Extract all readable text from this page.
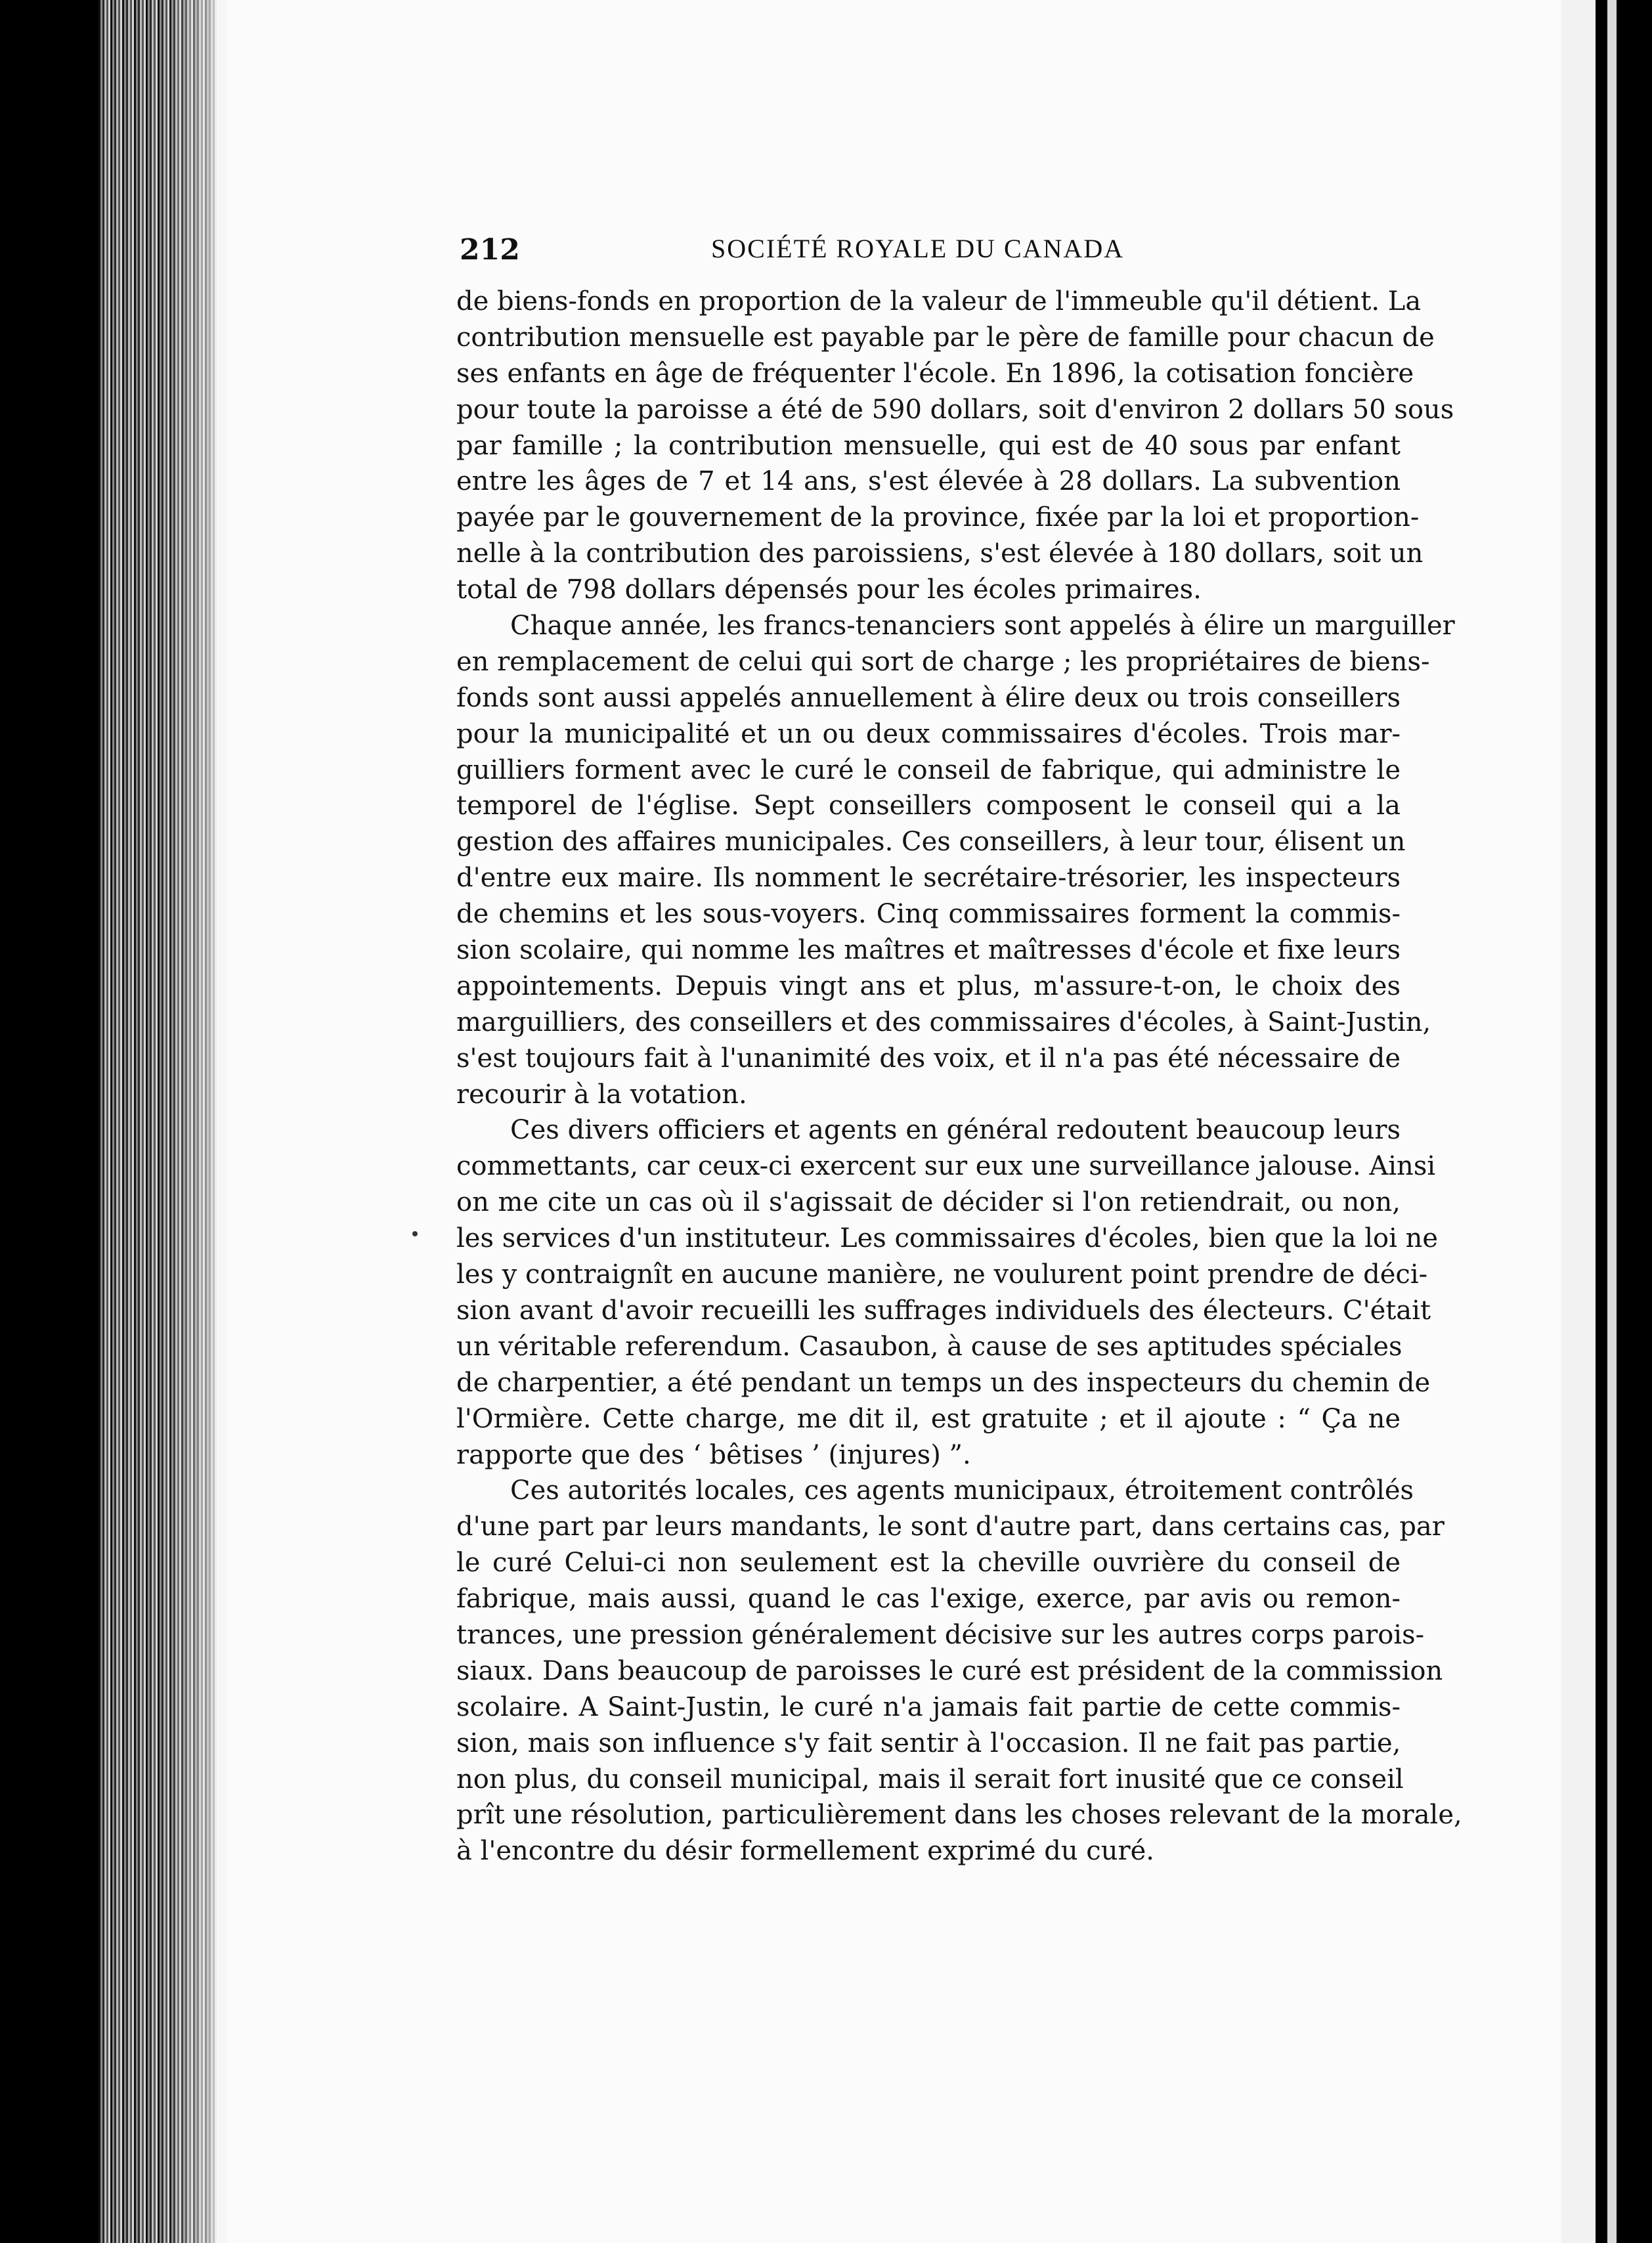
212	SOCIÉTÉ ROYALE DU CANADA
de biens-fonds en proportion de la valeur de l'immeuble qu'il détient. La
contribution mensuelle est payable par le père de famille pour chacun de
ses enfants en âge de fréquenter l'école. En 1896, la cotisation foncière
pour toute la paroisse a été de 590 dollars, soit d'environ 2 dollars 50 sous
par famille ; la contribution mensuelle, qui est de 40 sous par enfant
entre les âges de 7 et 14 ans, s'est élevée à 28 dollars. La subvention
payée par le gouvernement de la province, fixée par la loi et proportion-
nelle à la contribution des paroissiens, s'est élevée à 180 dollars, soit un
total de 798 dollars dépensés pour les écoles primaires.
Chaque année, les francs-tenanciers sont appelés à élire un marguiller
en remplacement de celui qui sort de charge ; les propriétaires de biens-
fonds sont aussi appelés annuellement à élire deux ou trois conseillers
pour la municipalité et un ou deux commissaires d'écoles. Trois mar-
guilliers forment avec le curé le conseil de fabrique, qui administre le
temporel de l'église. Sept conseillers composent le conseil qui a la
gestion des affaires municipales. Ces conseillers, à leur tour, élisent un
d'entre eux maire. Ils nomment le secrétaire-trésorier, les inspecteurs
de chemins et les sous-voyers. Cinq commissaires forment la commis-
sion scolaire, qui nomme les maîtres et maîtresses d'école et fixe leurs
appointements. Depuis vingt ans et plus, m'assure-t-on, le choix des
marguilliers, des conseillers et des commissaires d'écoles, à Saint-Justin,
s'est toujours fait à l'unanimité des voix, et il n'a pas été nécessaire de
recourir à la votation.
Ces divers officiers et agents en général redoutent beaucoup leurs
commettants, car ceux-ci exercent sur eux une surveillance jalouse. Ainsi
on me cite un cas où il s'agissait de décider si l'on retiendrait, ou non,
les services d'un instituteur. Les commissaires d'écoles, bien que la loi ne
les y contraignît en aucune manière, ne voulurent point prendre de déci-
sion avant d'avoir recueilli les suffrages individuels des électeurs. C'était
un véritable referendum. Casaubon, à cause de ses aptitudes spéciales
de charpentier, a été pendant un temps un des inspecteurs du chemin de
l'Ormière. Cette charge, me dit il, est gratuite ; et il ajoute : “ Ça ne
rapporte que des ‘ bêtises ’ (injures) ”.
Ces autorités locales, ces agents municipaux, étroitement contrôlés
d'une part par leurs mandants, le sont d'autre part, dans certains cas, par
le curé Celui-ci non seulement est la cheville ouvrière du conseil de
fabrique, mais aussi, quand le cas l'exige, exerce, par avis ou remon-
trances, une pression généralement décisive sur les autres corps parois-
siaux. Dans beaucoup de paroisses le curé est président de la commission
scolaire. A Saint-Justin, le curé n'a jamais fait partie de cette commis-
sion, mais son influence s'y fait sentir à l'occasion. Il ne fait pas partie,
non plus, du conseil municipal, mais il serait fort inusité que ce conseil
prît une résolution, particulièrement dans les choses relevant de la morale,
à l'encontre du désir formellement exprimé du curé.
